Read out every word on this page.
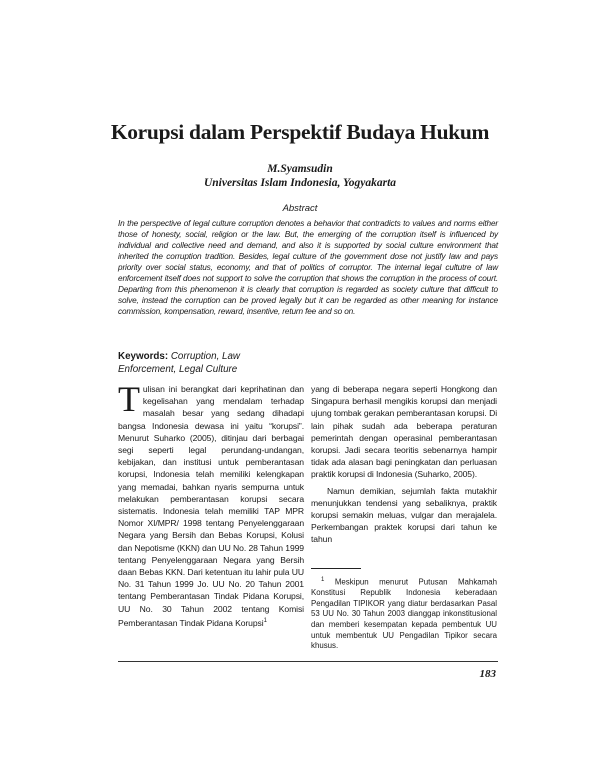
Korupsi dalam Perspektif Budaya Hukum
M.Syamsudin
Universitas Islam Indonesia, Yogyakarta
Abstract

In the perspective of legal culture corruption denotes a behavior that contradicts to values and norms either those of honesty, social, religion or the law. But, the emerging of the corruption itself is influenced by individual and collective need and demand, and also it is supported by social culture environment that inherited the corruption tradition. Besides, legal culture of the government dose not justify law and pays priority over social status, economy, and that of politics of corruptor. The internal legal cultutre of law enforcement itself does not support to solve the corruption that shows the corruption in the process of court. Departing from this phenomenon it is clearly that corruption is regarded as society culture that difficult to solve, instead the corruption can be proved legally but it can be regarded as other meaning for instance commission, kompensation, reward, insentive, return fee and so on.

Keywords: Corruption, Law Enforcement, Legal Culture

Tulisan ini berangkat dari keprihatinan dan kegelisahan yang mendalam terhadap masalah besar yang sedang dihadapi bangsa Indonesia dewasa ini yaitu “korupsi”. Menurut Suharko (2005), ditinjau dari berbagai segi seperti legal perundang-undangan, kebijakan, dan institusi untuk pemberantasan korupsi, Indonesia telah memiliki kelengkapan yang memadai, bahkan nyaris sempurna untuk melakukan pemberantasan korupsi secara sistematis. Indonesia telah memiliki TAP MPR Nomor XI/MPR/ 1998 tentang Penyelenggaraan Negara yang Bersih dan Bebas Korupsi, Kolusi dan Nepotisme (KKN) dan UU No. 28 Tahun 1999 tentang Penyelenggaraan Negara yang Bersih daan Bebas KKN. Dari ketentuan itu lahir pula UU No. 31 Tahun 1999 Jo. UU No. 20 Tahun 2001 tentang Pemberantasan Tindak Pidana Korupsi, UU No. 30 Tahun 2002 tentang Komisi Pemberantasan Tindak Pidana Korupsi$^1$

yang di beberapa negara seperti Hongkong dan Singapura berhasil mengikis korupsi dan menjadi ujung tombak gerakan pemberantasan korupsi. Di lain pihak sudah ada beberapa peraturan pemerintah dengan operasinal pemberantasan korupsi. Jadi secara teoritis sebenarnya hampir tidak ada alasan bagi peningkatan dan perluasan praktik korupsi di Indonesia (Suharko, 2005).

Namun demikian, sejumlah fakta mutakhir menunjukkan tendensi yang sebaliknya, praktik korupsi semakin meluas, vulgar dan merajalela. Perkembangan praktek korupsi dari tahun ke tahun

$^1$ Meskipun menurut Putusan Mahkamah Konstitusi Republik Indonesia keberadaan Pengadilan TIPIKOR yang diatur berdasarkan Pasal 53 UU No. 30 Tahun 2003 dianggap inkonstitusional dan memberi kesempatan kepada pembentuk UU untuk membentuk UU Pengadilan Tipikor secara khusus.
183
